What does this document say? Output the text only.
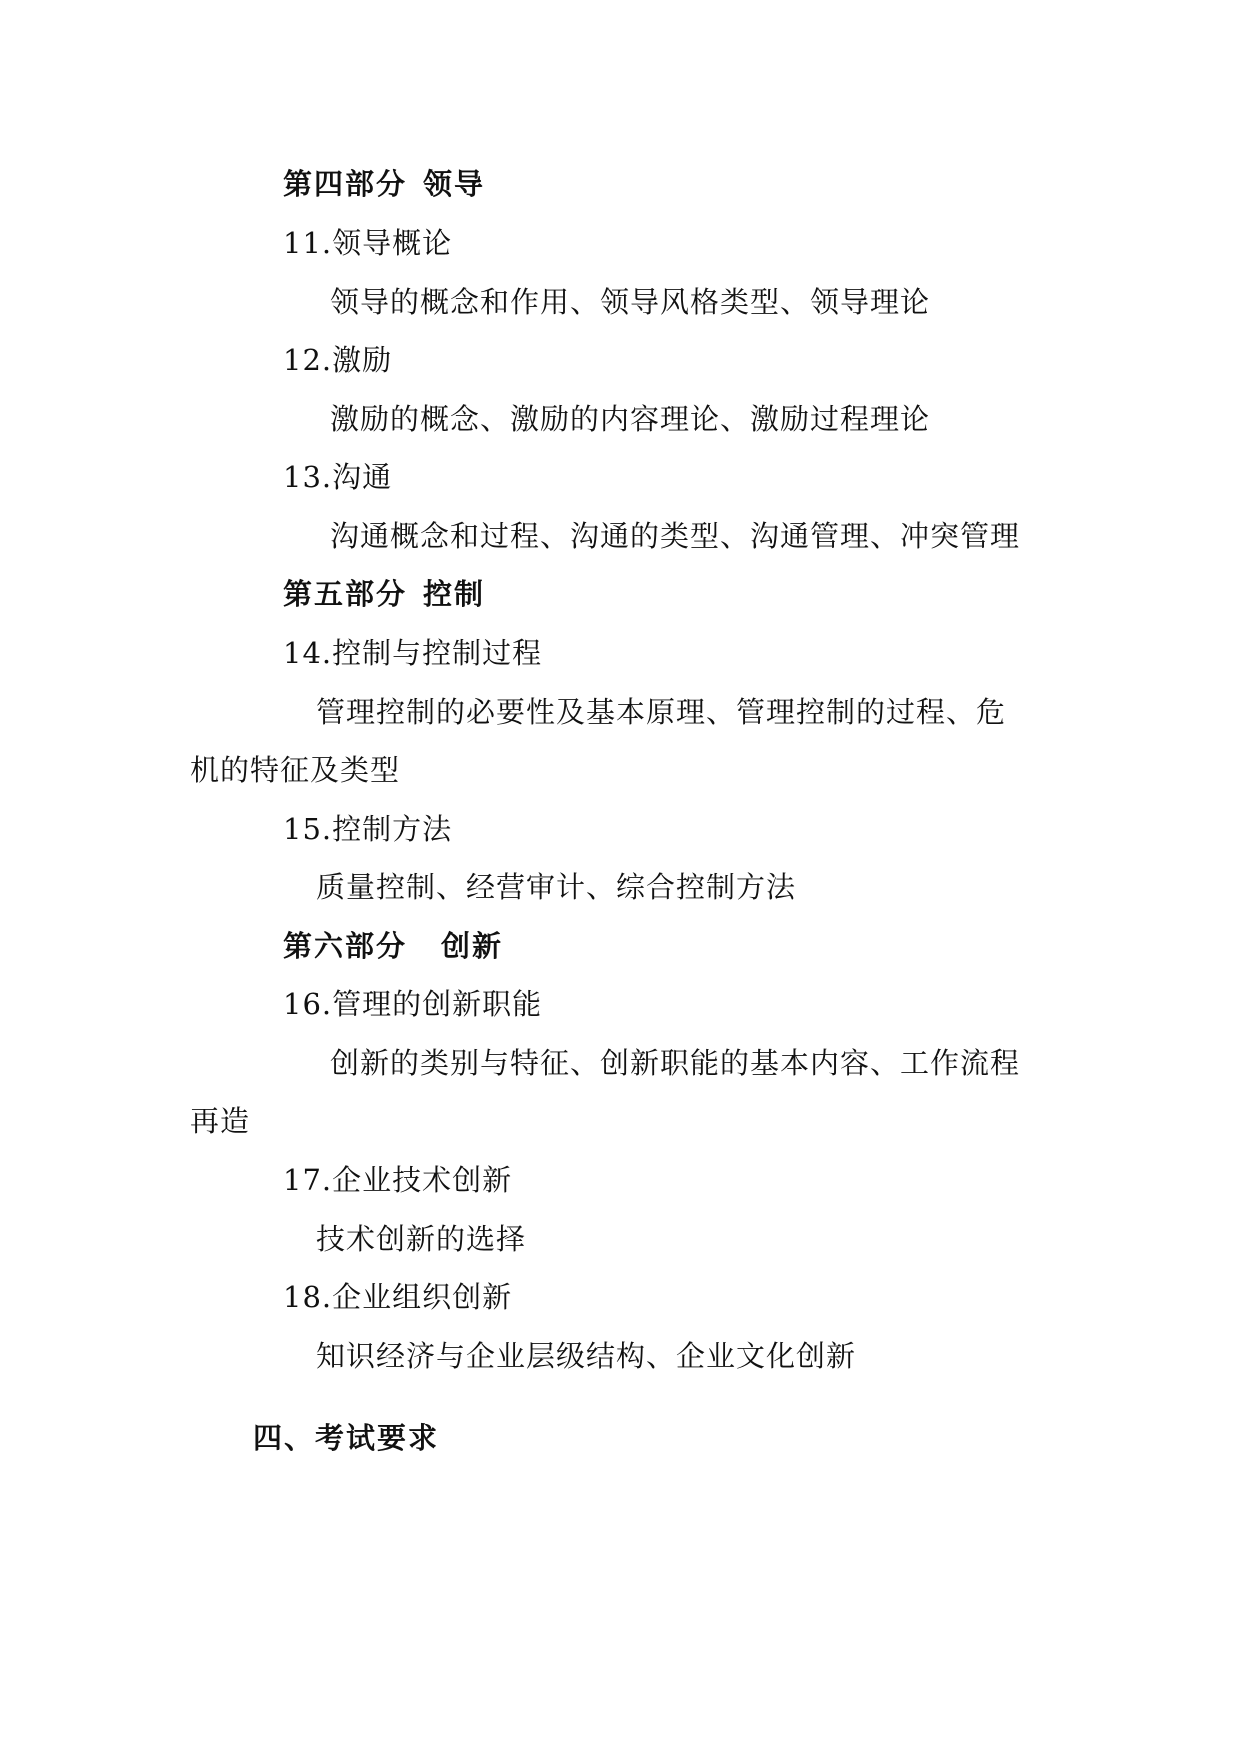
第四部分 领导
11.领导概论
领导的概念和作用、领导风格类型、领导理论
12.激励
激励的概念、激励的内容理论、激励过程理论
13.沟通
沟通概念和过程、沟通的类型、沟通管理、冲突管理
第五部分 控制
14.控制与控制过程
管理控制的必要性及基本原理、管理控制的过程、危
机的特征及类型
15.控制方法
质量控制、经营审计、综合控制方法
第六部分 创新
16.管理的创新职能
创新的类别与特征、创新职能的基本内容、工作流程
再造
17.企业技术创新
技术创新的选择
18.企业组织创新
知识经济与企业层级结构、企业文化创新
四、考试要求
